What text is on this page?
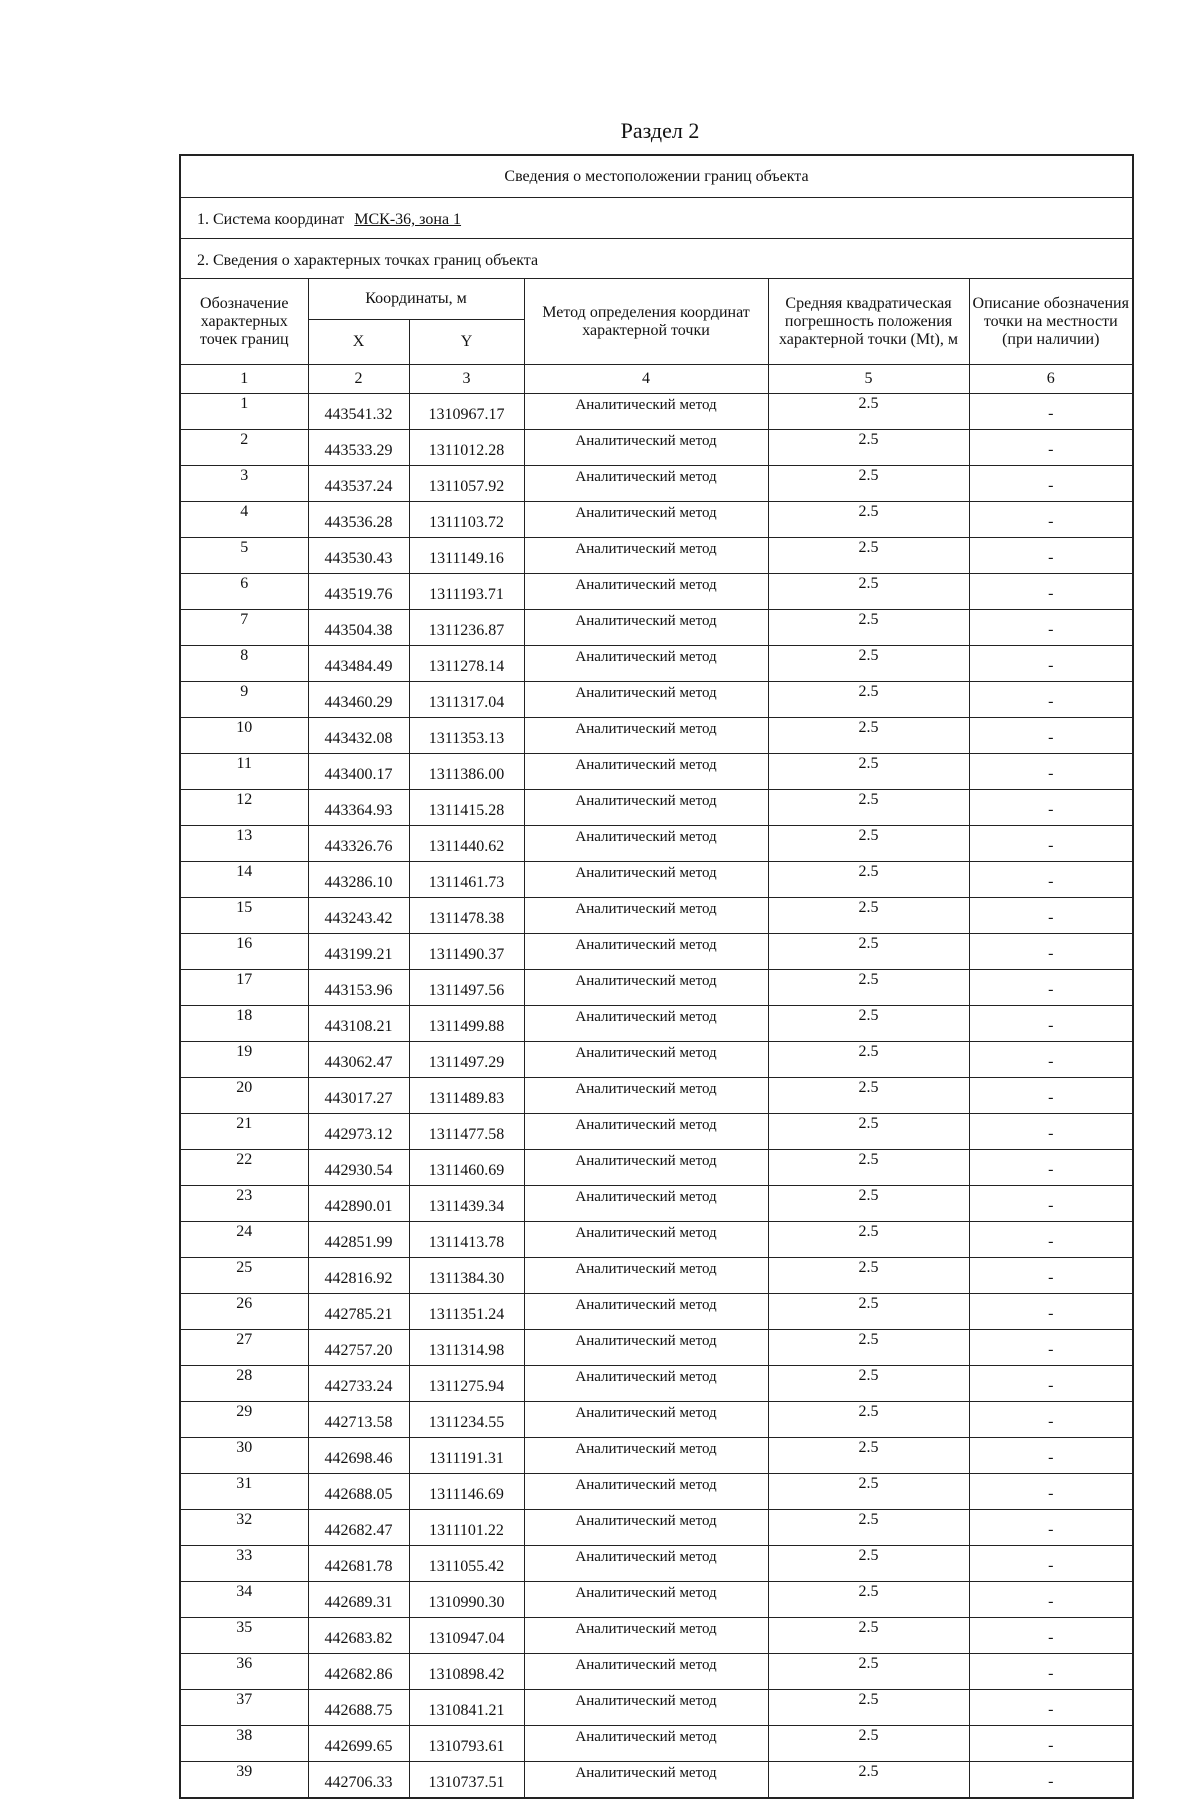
Раздел 2
Сведения о местоположении границ объекта
1. Система координат МСК-36, зона 1
2. Сведения о характерных точках границ объекта
Обозначение характерных точек границ	Координаты, м		Метод определения координат характерной точки	Средняя квадратическая погрешность положения характерной точки (Mt), м	Описание обозначения точки на местности (при наличии)
	X	Y			
1	2	3	4	5	6
1	443541.32	1310967.17	Аналитический метод	2.5	-
2	443533.29	1311012.28	Аналитический метод	2.5	-
3	443537.24	1311057.92	Аналитический метод	2.5	-
4	443536.28	1311103.72	Аналитический метод	2.5	-
5	443530.43	1311149.16	Аналитический метод	2.5	-
6	443519.76	1311193.71	Аналитический метод	2.5	-
7	443504.38	1311236.87	Аналитический метод	2.5	-
8	443484.49	1311278.14	Аналитический метод	2.5	-
9	443460.29	1311317.04	Аналитический метод	2.5	-
10	443432.08	1311353.13	Аналитический метод	2.5	-
11	443400.17	1311386.00	Аналитический метод	2.5	-
12	443364.93	1311415.28	Аналитический метод	2.5	-
13	443326.76	1311440.62	Аналитический метод	2.5	-
14	443286.10	1311461.73	Аналитический метод	2.5	-
15	443243.42	1311478.38	Аналитический метод	2.5	-
16	443199.21	1311490.37	Аналитический метод	2.5	-
17	443153.96	1311497.56	Аналитический метод	2.5	-
18	443108.21	1311499.88	Аналитический метод	2.5	-
19	443062.47	1311497.29	Аналитический метод	2.5	-
20	443017.27	1311489.83	Аналитический метод	2.5	-
21	442973.12	1311477.58	Аналитический метод	2.5	-
22	442930.54	1311460.69	Аналитический метод	2.5	-
23	442890.01	1311439.34	Аналитический метод	2.5	-
24	442851.99	1311413.78	Аналитический метод	2.5	-
25	442816.92	1311384.30	Аналитический метод	2.5	-
26	442785.21	1311351.24	Аналитический метод	2.5	-
27	442757.20	1311314.98	Аналитический метод	2.5	-
28	442733.24	1311275.94	Аналитический метод	2.5	-
29	442713.58	1311234.55	Аналитический метод	2.5	-
30	442698.46	1311191.31	Аналитический метод	2.5	-
31	442688.05	1311146.69	Аналитический метод	2.5	-
32	442682.47	1311101.22	Аналитический метод	2.5	-
33	442681.78	1311055.42	Аналитический метод	2.5	-
34	442689.31	1310990.30	Аналитический метод	2.5	-
35	442683.82	1310947.04	Аналитический метод	2.5	-
36	442682.86	1310898.42	Аналитический метод	2.5	-
37	442688.75	1310841.21	Аналитический метод	2.5	-
38	442699.65	1310793.61	Аналитический метод	2.5	-
39	442706.33	1310737.51	Аналитический метод	2.5	-
